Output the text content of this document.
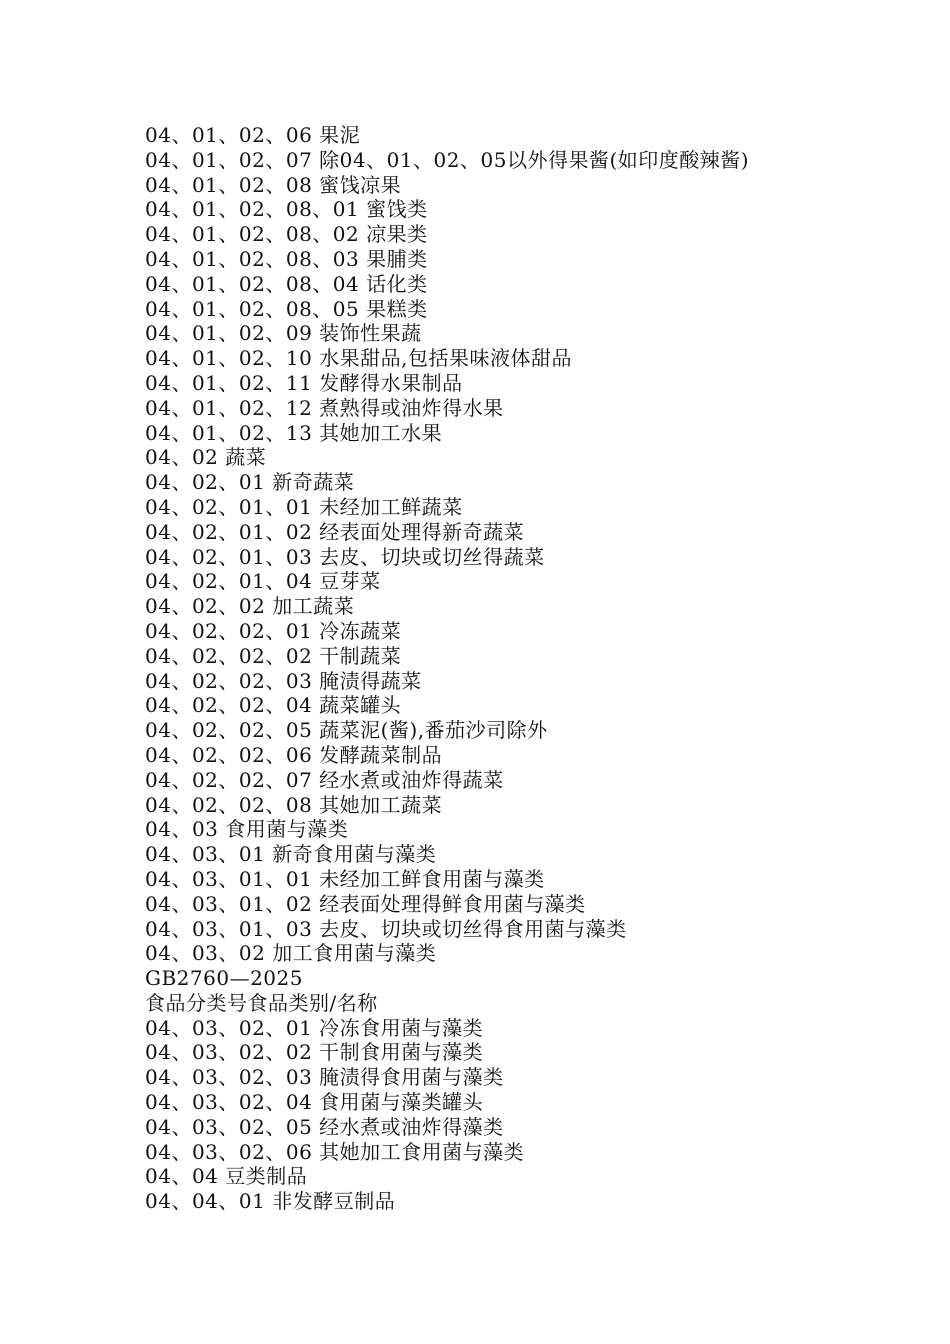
04、01、02、06 果泥
04、01、02、07 除04、01、02、05以外得果酱(如印度酸辣酱)
04、01、02、08 蜜饯凉果
04、01、02、08、01 蜜饯类
04、01、02、08、02 凉果类
04、01、02、08、03 果脯类
04、01、02、08、04 话化类
04、01、02、08、05 果糕类
04、01、02、09 装饰性果蔬
04、01、02、10 水果甜品,包括果味液体甜品
04、01、02、11 发酵得水果制品
04、01、02、12 煮熟得或油炸得水果
04、01、02、13 其她加工水果
04、02 蔬菜
04、02、01 新奇蔬菜
04、02、01、01 未经加工鲜蔬菜
04、02、01、02 经表面处理得新奇蔬菜
04、02、01、03 去皮、切块或切丝得蔬菜
04、02、01、04 豆芽菜
04、02、02 加工蔬菜
04、02、02、01 冷冻蔬菜
04、02、02、02 干制蔬菜
04、02、02、03 腌渍得蔬菜
04、02、02、04 蔬菜罐头
04、02、02、05 蔬菜泥(酱),番茄沙司除外
04、02、02、06 发酵蔬菜制品
04、02、02、07 经水煮或油炸得蔬菜
04、02、02、08 其她加工蔬菜
04、03 食用菌与藻类
04、03、01 新奇食用菌与藻类
04、03、01、01 未经加工鲜食用菌与藻类
04、03、01、02 经表面处理得鲜食用菌与藻类
04、03、01、03 去皮、切块或切丝得食用菌与藻类
04、03、02 加工食用菌与藻类
GB2760—2025
食品分类号食品类别/名称
04、03、02、01 冷冻食用菌与藻类
04、03、02、02 干制食用菌与藻类
04、03、02、03 腌渍得食用菌与藻类
04、03、02、04 食用菌与藻类罐头
04、03、02、05 经水煮或油炸得藻类
04、03、02、06 其她加工食用菌与藻类
04、04 豆类制品
04、04、01 非发酵豆制品
